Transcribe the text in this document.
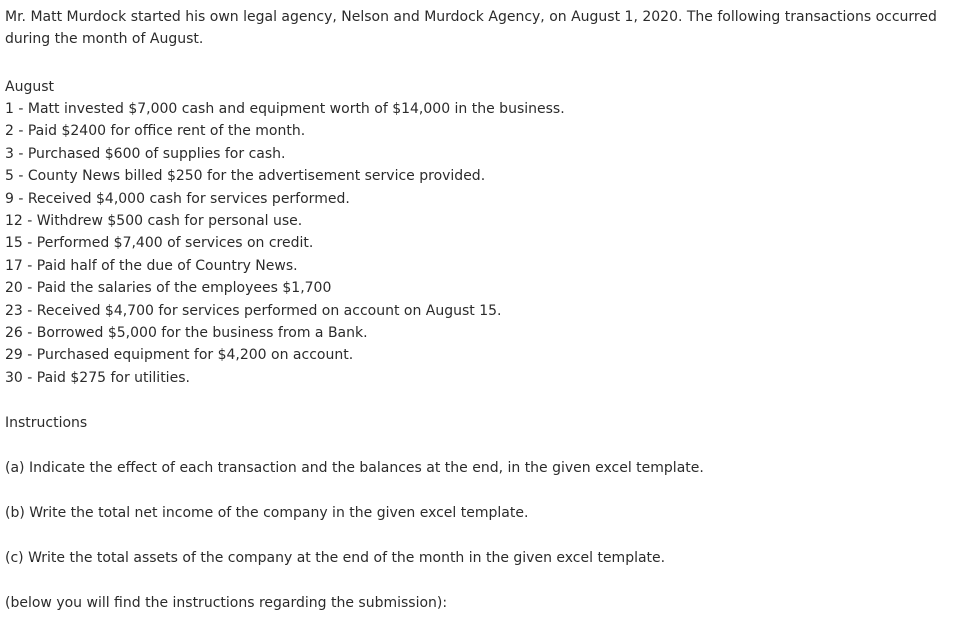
Mr. Matt Murdock started his own legal agency, Nelson and Murdock Agency, on August 1, 2020. The following transactions occurred during the month of August.

August
1 - Matt invested $7,000 cash and equipment worth of $14,000 in the business.
2 - Paid $2400 for office rent of the month.
3 - Purchased $600 of supplies for cash.
5 - County News billed $250 for the advertisement service provided.
9 - Received $4,000 cash for services performed.
12 - Withdrew $500 cash for personal use.
15 - Performed $7,400 of services on credit.
17 - Paid half of the due of Country News.
20 - Paid the salaries of the employees $1,700
23 - Received $4,700 for services performed on account on August 15.
26 - Borrowed $5,000 for the business from a Bank.
29 - Purchased equipment for $4,200 on account.
30 - Paid $275 for utilities.
Instructions
(a) Indicate the effect of each transaction and the balances at the end, in the given excel template.
(b) Write the total net income of the company in the given excel template.
(c) Write the total assets of the company at the end of the month in the given excel template.
(below you will find the instructions regarding the submission):
